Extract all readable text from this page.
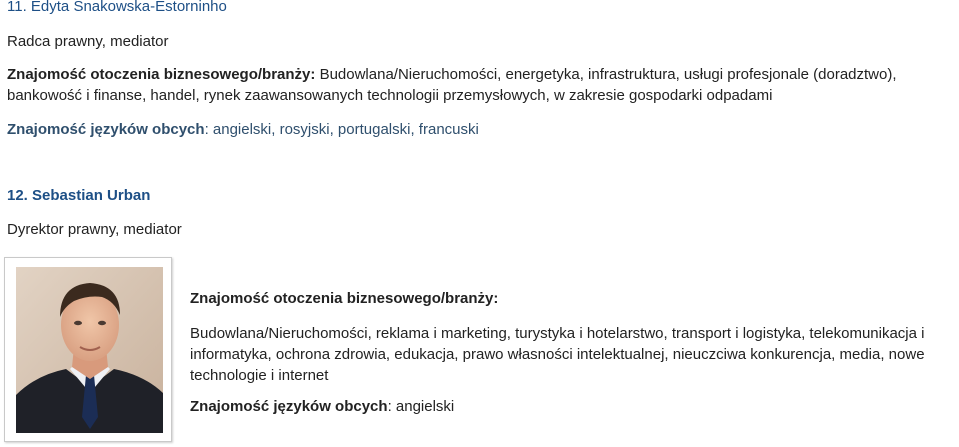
11. Edyta Snakowska-Estorninho
Radca prawny, mediator
Znajomość otoczenia biznesowego/branży: Budowlana/Nieruchomości, energetyka, infrastruktura, usługi profesjonale (doradztwo), bankowość i finanse, handel, rynek zaawansowanych technologii przemysłowych, w zakresie gospodarki odpadami
Znajomość języków obcych: angielski, rosyjski, portugalski, francuski
12. Sebastian Urban
Dyrektor prawny, mediator
Znajomość otoczenia biznesowego/branży:
Budowlana/Nieruchomości, reklama i marketing, turystyka i hotelarstwo, transport i logistyka, telekomunikacja i
informatyka, ochrona zdrowia, edukacja, prawo własności intelektualnej, nieuczciwa konkurencja, media, nowe
technologie i internet
Znajomość języków obcych: angielski
